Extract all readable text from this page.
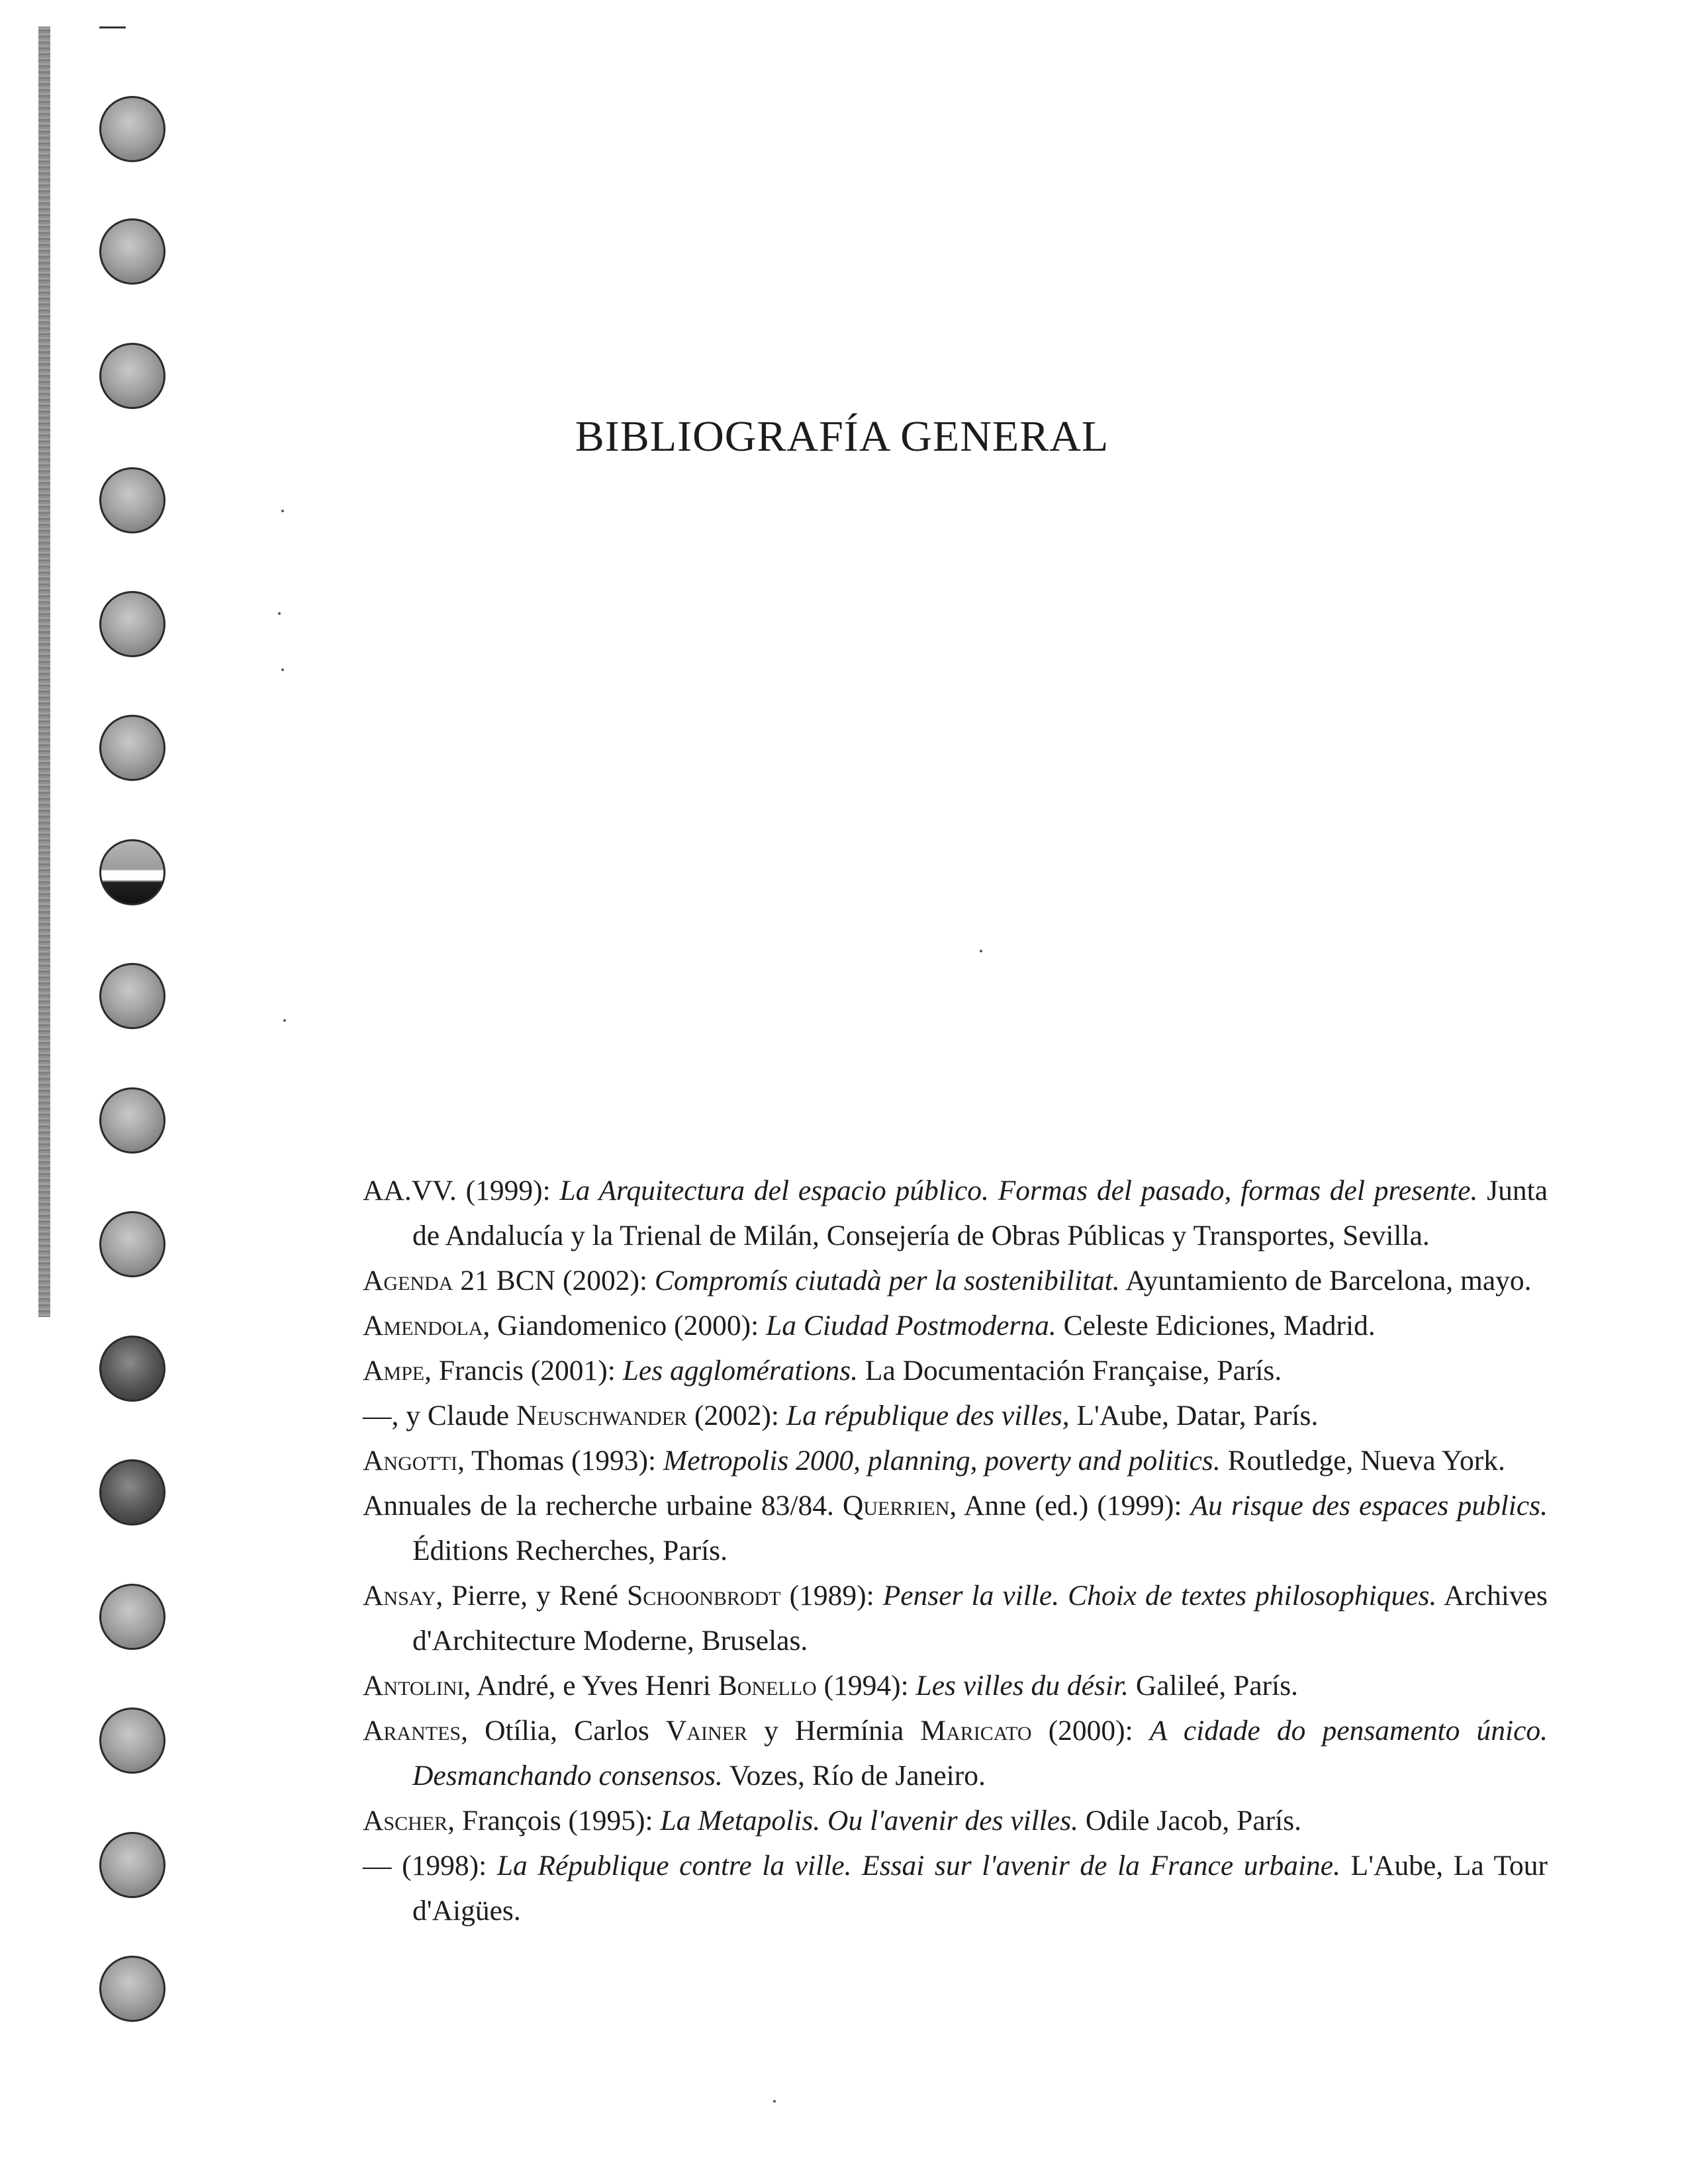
BIBLIOGRAFÍA GENERAL

AA.VV. (1999): La Arquitectura del espacio público. Formas del pasado, formas del presente. Junta de Andalucía y la Trienal de Milán, Consejería de Obras Públicas y Transportes, Sevilla.

Agenda 21 BCN (2002): Compromís ciutadà per la sostenibilitat. Ayuntamiento de Barcelona, mayo.

Amendola, Giandomenico (2000): La Ciudad Postmoderna. Celeste Ediciones, Madrid.

Ampe, Francis (2001): Les agglomérations. La Documentación Française, París.

—, y Claude Neuschwander (2002): La république des villes, L'Aube, Datar, París.

Angotti, Thomas (1993): Metropolis 2000, planning, poverty and politics. Routledge, Nueva York.

Annuales de la recherche urbaine 83/84. Querrien, Anne (ed.) (1999): Au risque des espaces publics. Éditions Recherches, París.

Ansay, Pierre, y René Schoonbrodt (1989): Penser la ville. Choix de textes philosophiques. Archives d'Architecture Moderne, Bruselas.

Antolini, André, e Yves Henri Bonello (1994): Les villes du désir. Galileé, París.

Arantes, Otília, Carlos Vainer y Hermínia Maricato (2000): A cidade do pensamento único. Desmanchando consensos. Vozes, Río de Janeiro.

Ascher, François (1995): La Metapolis. Ou l'avenir des villes. Odile Jacob, París.

— (1998): La République contre la ville. Essai sur l'avenir de la France urbaine. L'Aube, La Tour d'Aigües.
